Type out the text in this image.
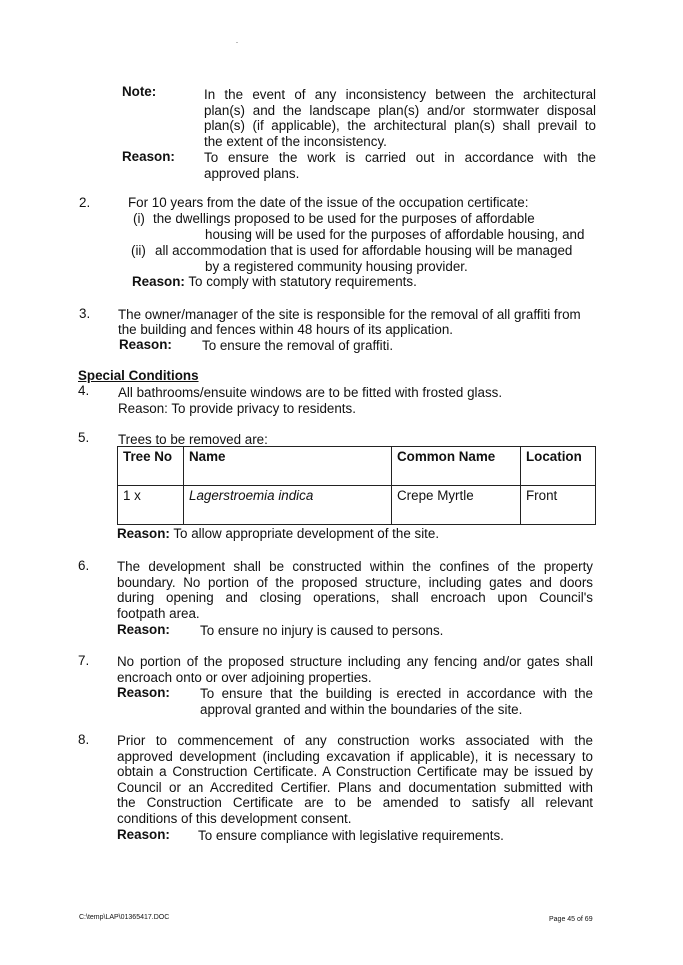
Note:	In the event of any inconsistency between the architectural
plan(s) and the landscape plan(s) and/or stormwater disposal
plan(s) (if applicable), the architectural plan(s) shall prevail to
the extent of the inconsistency.
Reason: To ensure the work is carried out in accordance with the
approved plans.
2.	For 10 years from the date of the issue of the occupation certificate:
(i) the dwellings proposed to be used for the purposes of affordable
housing will be used for the purposes of affordable housing, and
(ii) all accommodation that is used for affordable housing will be managed
by a registered community housing provider.
Reason: To comply with statutory requirements.
3. The owner/manager of the site is responsible for the removal of all graffiti from
the building and fences within 48 hours of its application.
Reason: To ensure the removal of graffiti.
Special Conditions
4. All bathrooms/ensuite windows are to be fitted with frosted glass.
Reason: To provide privacy to residents.
5. Trees to be removed are:
Tree No	Name	Common Name	Location
1 x	Lagerstroemia indica	Crepe Myrtle	Front
Reason: To allow appropriate development of the site.
6. The development shall be constructed within the confines of the property
boundary. No portion of the proposed structure, including gates and doors
during opening and closing operations, shall encroach upon Council's
footpath area.
Reason: To ensure no injury is caused to persons.
7. No portion of the proposed structure including any fencing and/or gates shall
encroach onto or over adjoining properties.
Reason: To ensure that the building is erected in accordance with the
approval granted and within the boundaries of the site.
8. Prior to commencement of any construction works associated with the
approved development (including excavation if applicable), it is necessary to
obtain a Construction Certificate. A Construction Certificate may be issued by
Council or an Accredited Certifier. Plans and documentation submitted with
the Construction Certificate are to be amended to satisfy all relevant
conditions of this development consent.
Reason: To ensure compliance with legislative requirements.
C:\temp\LAP\01365417.DOC	Page 45 of 69
